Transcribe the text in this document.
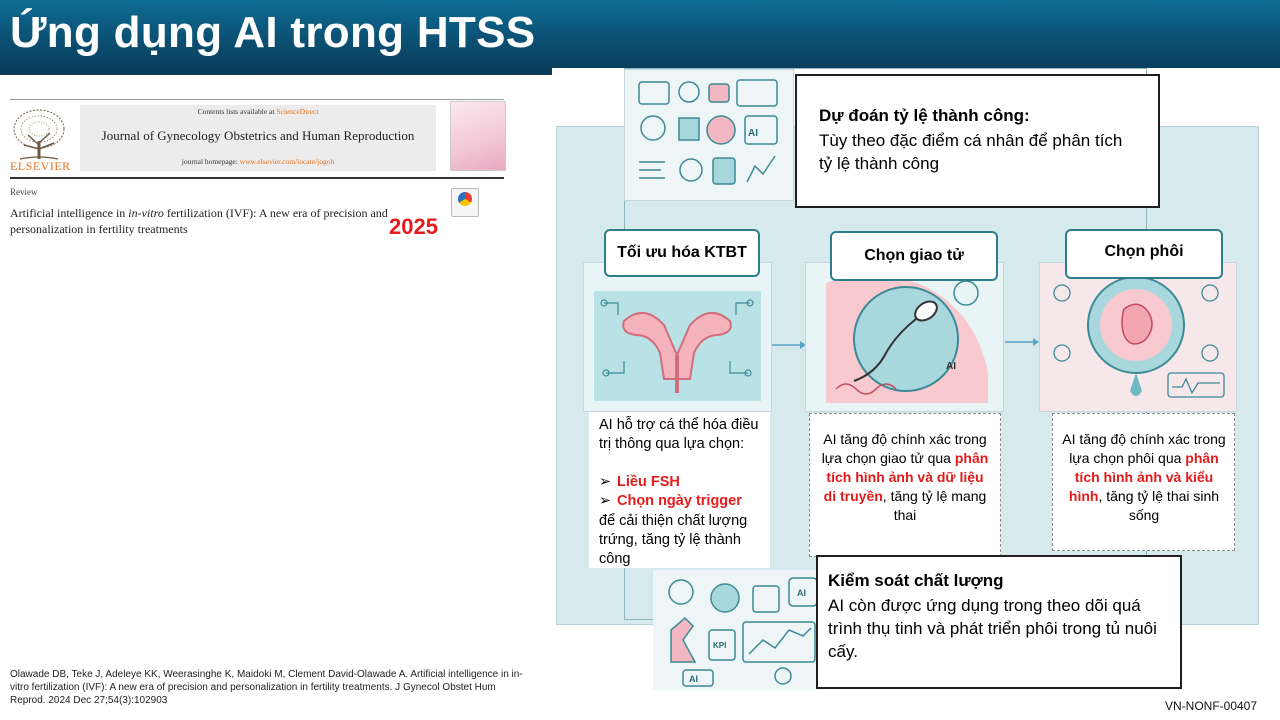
Ứng dụng AI trong HTSS
ELSEVIER
Contents lists available at ScienceDirect
Journal of Gynecology Obstetrics and Human Reproduction
journal homepage: www.elsevier.com/locate/jogoh
Review
Artificial intelligence in in-vitro fertilization (IVF): A new era of precision and personalization in fertility treatments	2025
AI
Dự đoán tỷ lệ thành công:
Tùy theo đặc điểm cá nhân để phân tích tỷ lệ thành công
Tối ưu hóa KTBT
AI hỗ trợ cá thể hóa điều trị thông qua lựa chọn:
➢ Liều FSH
➢ Chọn ngày trigger
để cải thiện chất lượng trứng, tăng tỷ lệ thành công
AI
Chọn giao tử
AI tăng độ chính xác trong lựa chọn giao tử qua phân tích hình ảnh và dữ liệu di truyền, tăng tỷ lệ mang thai
Chọn phôi
AI tăng độ chính xác trong lựa chọn phôi qua phân tích hình ảnh và kiểu hình, tăng tỷ lệ thai sinh sống
AI
KPI
AI
Kiểm soát chất lượng
AI còn được ứng dụng trong theo dõi quá trình thụ tinh và phát triển phôi trong tủ nuôi cấy.
Olawade DB, Teke J, Adeleye KK, Weerasinghe K, Maidoki M, Clement David-Olawade A. Artificial intelligence in in-vitro fertilization (IVF): A new era of precision and personalization in fertility treatments. J Gynecol Obstet Hum Reprod. 2024 Dec 27;54(3):102903	VN-NONF-00407
